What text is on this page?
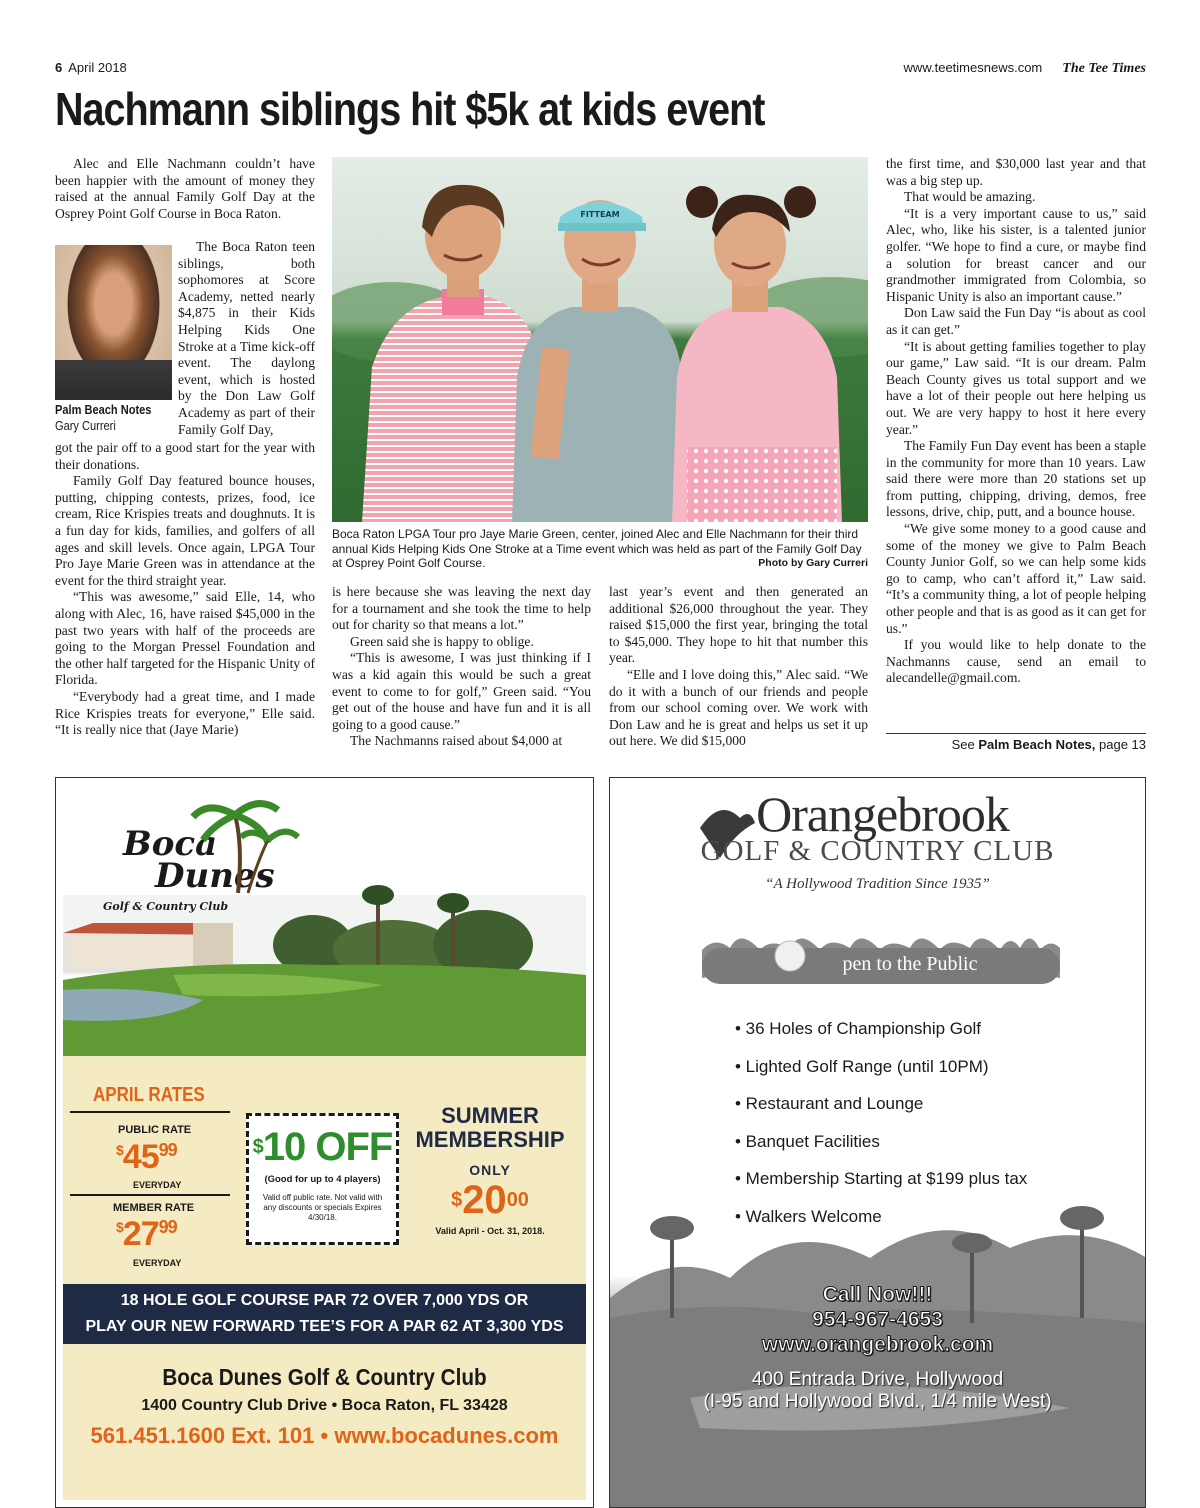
6 April 2018	www.teetimesnews.com The Tee Times
Nachmann siblings hit $5k at kids event

Alec and Elle Nachmann couldn’t have been happier with the amount of money they raised at the annual Family Golf Day at the Osprey Point Golf Course in Boca Raton.

Palm Beach Notes
Gary Curreri

The Boca Raton teen siblings, both sophomores at Score Academy, netted nearly $4,875 in their Kids Helping Kids One Stroke at a Time kick-off event. The daylong event, which is hosted by the Don Law Golf Academy as part of their Family Golf Day,

got the pair off to a good start for the year with their donations.

Family Golf Day featured bounce houses, putting, chipping contests, prizes, food, ice cream, Rice Krispies treats and doughnuts. It is a fun day for kids, families, and golfers of all ages and skill levels. Once again, LPGA Tour Pro Jaye Marie Green was in attendance at the event for the third straight year.

“This was awesome,” said Elle, 14, who along with Alec, 16, have raised $45,000 in the past two years with half of the proceeds are going to the Morgan Pressel Foundation and the other half targeted for the Hispanic Unity of Florida.

“Everybody had a great time, and I made Rice Krispies treats for everyone,” Elle said. “It is really nice that (Jaye Marie)

FITTEAM
Boca Raton LPGA Tour pro Jaye Marie Green, center, joined Alec and Elle Nachmann for their third annual Kids Helping Kids One Stroke at a Time event which was held as part of the Family Golf Day at Osprey Point Golf Course.	Photo by Gary Curreri

is here because she was leaving the next day for a tournament and she took the time to help out for charity so that means a lot.”

Green said she is happy to oblige.

“This is awesome, I was just thinking if I was a kid again this would be such a great event to come to for golf,” Green said. “You get out of the house and have fun and it is all going to a good cause.”

The Nachmanns raised about $4,000 at

last year’s event and then generated an additional $26,000 throughout the year. They raised $15,000 the first year, bringing the total to $45,000. They hope to hit that number this year.

“Elle and I love doing this,” Alec said. “We do it with a bunch of our friends and people from our school coming over. We work with Don Law and he is great and helps us set it up out here. We did $15,000

the first time, and $30,000 last year and that was a big step up.

That would be amazing.

“It is a very important cause to us,” said Alec, who, like his sister, is a talented junior golfer. “We hope to find a cure, or maybe find a solution for breast cancer and our grandmother immigrated from Colombia, so Hispanic Unity is also an important cause.”

Don Law said the Fun Day “is about as cool as it can get.”

“It is about getting families together to play our game,” Law said. “It is our dream. Palm Beach County gives us total support and we have a lot of their people out here helping us out. We are very happy to host it here every year.”

The Family Fun Day event has been a staple in the community for more than 10 years. Law said there were more than 20 stations set up from putting, chipping, driving, demos, free lessons, drive, chip, putt, and a bounce house.

“We give some money to a good cause and some of the money we give to Palm Beach County Junior Golf, so we can help some kids go to camp, who can’t afford it,” Law said. “It’s a community thing, a lot of people helping other people and that is as good as it can get for us.”

If you would like to help donate to the Nachmanns cause, send an email to alecandelle@gmail.com.

See Palm Beach Notes, page 13
Boca
Dunes
Golf & Country Club
APRIL RATES
PUBLIC RATE
$^{\$}45^{99}$
EVERYDAY
MEMBER RATE
$^{\$}27^{99}$
EVERYDAY
$10 OFF
(Good for up to 4 players)
Valid off public rate. Not valid with any discounts or specials Expires 4/30/18.
SUMMER MEMBERSHIP
ONLY
$^{\$}20^{00}$
Valid April - Oct. 31, 2018.
18 HOLE GOLF COURSE PAR 72 OVER 7,000 YDS OR
PLAY OUR NEW FORWARD TEE’S FOR A PAR 62 AT 3,300 YDS
Boca Dunes Golf & Country Club
1400 Country Club Drive • Boca Raton, FL 33428
561.451.1600 Ext. 101 • www.bocadunes.com
Orangebrook
GOLF & COUNTRY CLUB
“A Hollywood Tradition Since 1935”
pen to the Public
• 36 Holes of Championship Golf
• Lighted Golf Range (until 10PM)
• Restaurant and Lounge
• Banquet Facilities
• Membership Starting at $199 plus tax
• Walkers Welcome
Call Now!!!
954-967-4653
www.orangebrook.com
400 Entrada Drive, Hollywood
(I-95 and Hollywood Blvd., 1/4 mile West)
